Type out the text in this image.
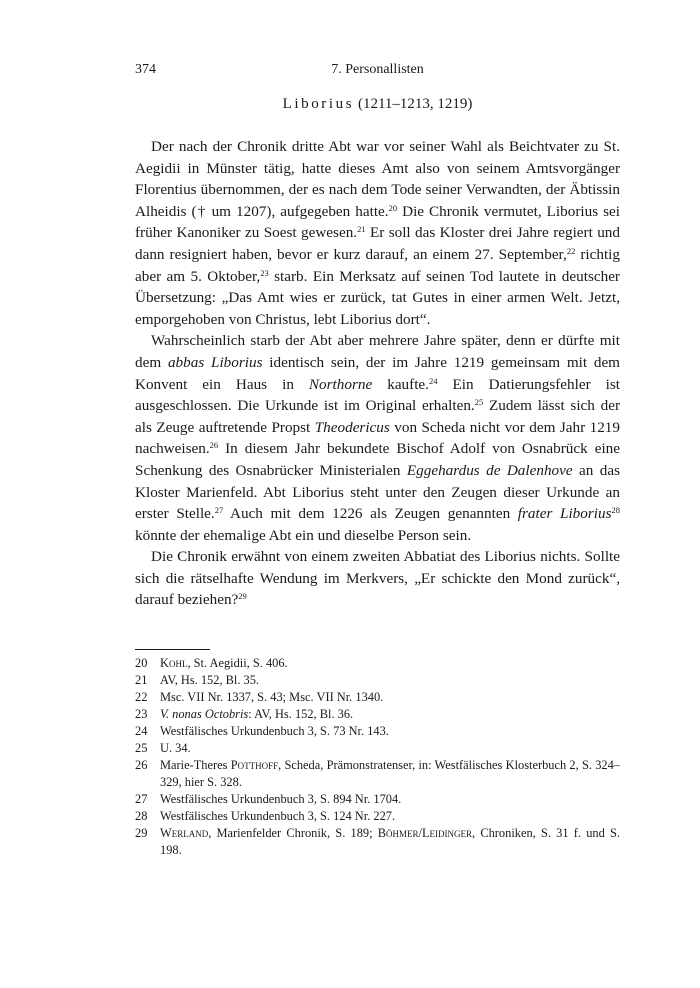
374	7. Personallisten
Liborius (1211–1213, 1219)

Der nach der Chronik dritte Abt war vor seiner Wahl als Beichtvater zu St. Aegidii in Münster tätig, hatte dieses Amt also von seinem Amtsvorgänger Florentius übernommen, der es nach dem Tode seiner Verwandten, der Äbtissin Alheidis († um 1207), aufgegeben hatte.$^{20}$ Die Chronik vermutet, Liborius sei früher Kanoniker zu Soest gewesen.$^{21}$ Er soll das Kloster drei Jahre regiert und dann resigniert haben, bevor er kurz darauf, an einem 27. September,$^{22}$ richtig aber am 5. Oktober,$^{23}$ starb. Ein Merksatz auf seinen Tod lautete in deutscher Übersetzung: „Das Amt wies er zurück, tat Gutes in einer armen Welt. Jetzt, emporgehoben von Christus, lebt Liborius dort“.

Wahrscheinlich starb der Abt aber mehrere Jahre später, denn er dürfte mit dem abbas Liborius identisch sein, der im Jahre 1219 gemeinsam mit dem Konvent ein Haus in Northorne kaufte.$^{24}$ Ein Datierungsfehler ist ausgeschlossen. Die Urkunde ist im Original erhalten.$^{25}$ Zudem lässt sich der als Zeuge auftretende Propst Theodericus von Scheda nicht vor dem Jahr 1219 nachweisen.$^{26}$ In diesem Jahr bekundete Bischof Adolf von Osnabrück eine Schenkung des Osnabrücker Ministerialen Eggehardus de Dalenhove an das Kloster Marienfeld. Abt Liborius steht unter den Zeugen dieser Urkunde an erster Stelle.$^{27}$ Auch mit dem 1226 als Zeugen genannten frater Liborius$^{28}$ könnte der ehemalige Abt ein und dieselbe Person sein.

Die Chronik erwähnt von einem zweiten Abbatiat des Liborius nichts. Sollte sich die rätselhafte Wendung im Merkvers, „Er schickte den Mond zurück“, darauf beziehen?$^{29}$

20	Kohl, St. Aegidii, S. 406.
21	AV, Hs. 152, Bl. 35.
22	Msc. VII Nr. 1337, S. 43; Msc. VII Nr. 1340.
23	V. nonas Octobris: AV, Hs. 152, Bl. 36.
24	Westfälisches Urkundenbuch 3, S. 73 Nr. 143.
25	U. 34.
26	Marie-Theres Potthoff, Scheda, Prämonstratenser, in: Westfälisches Klosterbuch 2, S. 324–329, hier S. 328.
27	Westfälisches Urkundenbuch 3, S. 894 Nr. 1704.
28	Westfälisches Urkundenbuch 3, S. 124 Nr. 227.
29	Werland, Marienfelder Chronik, S. 189; Böhmer/Leidinger, Chroniken, S. 31 f. und S. 198.
